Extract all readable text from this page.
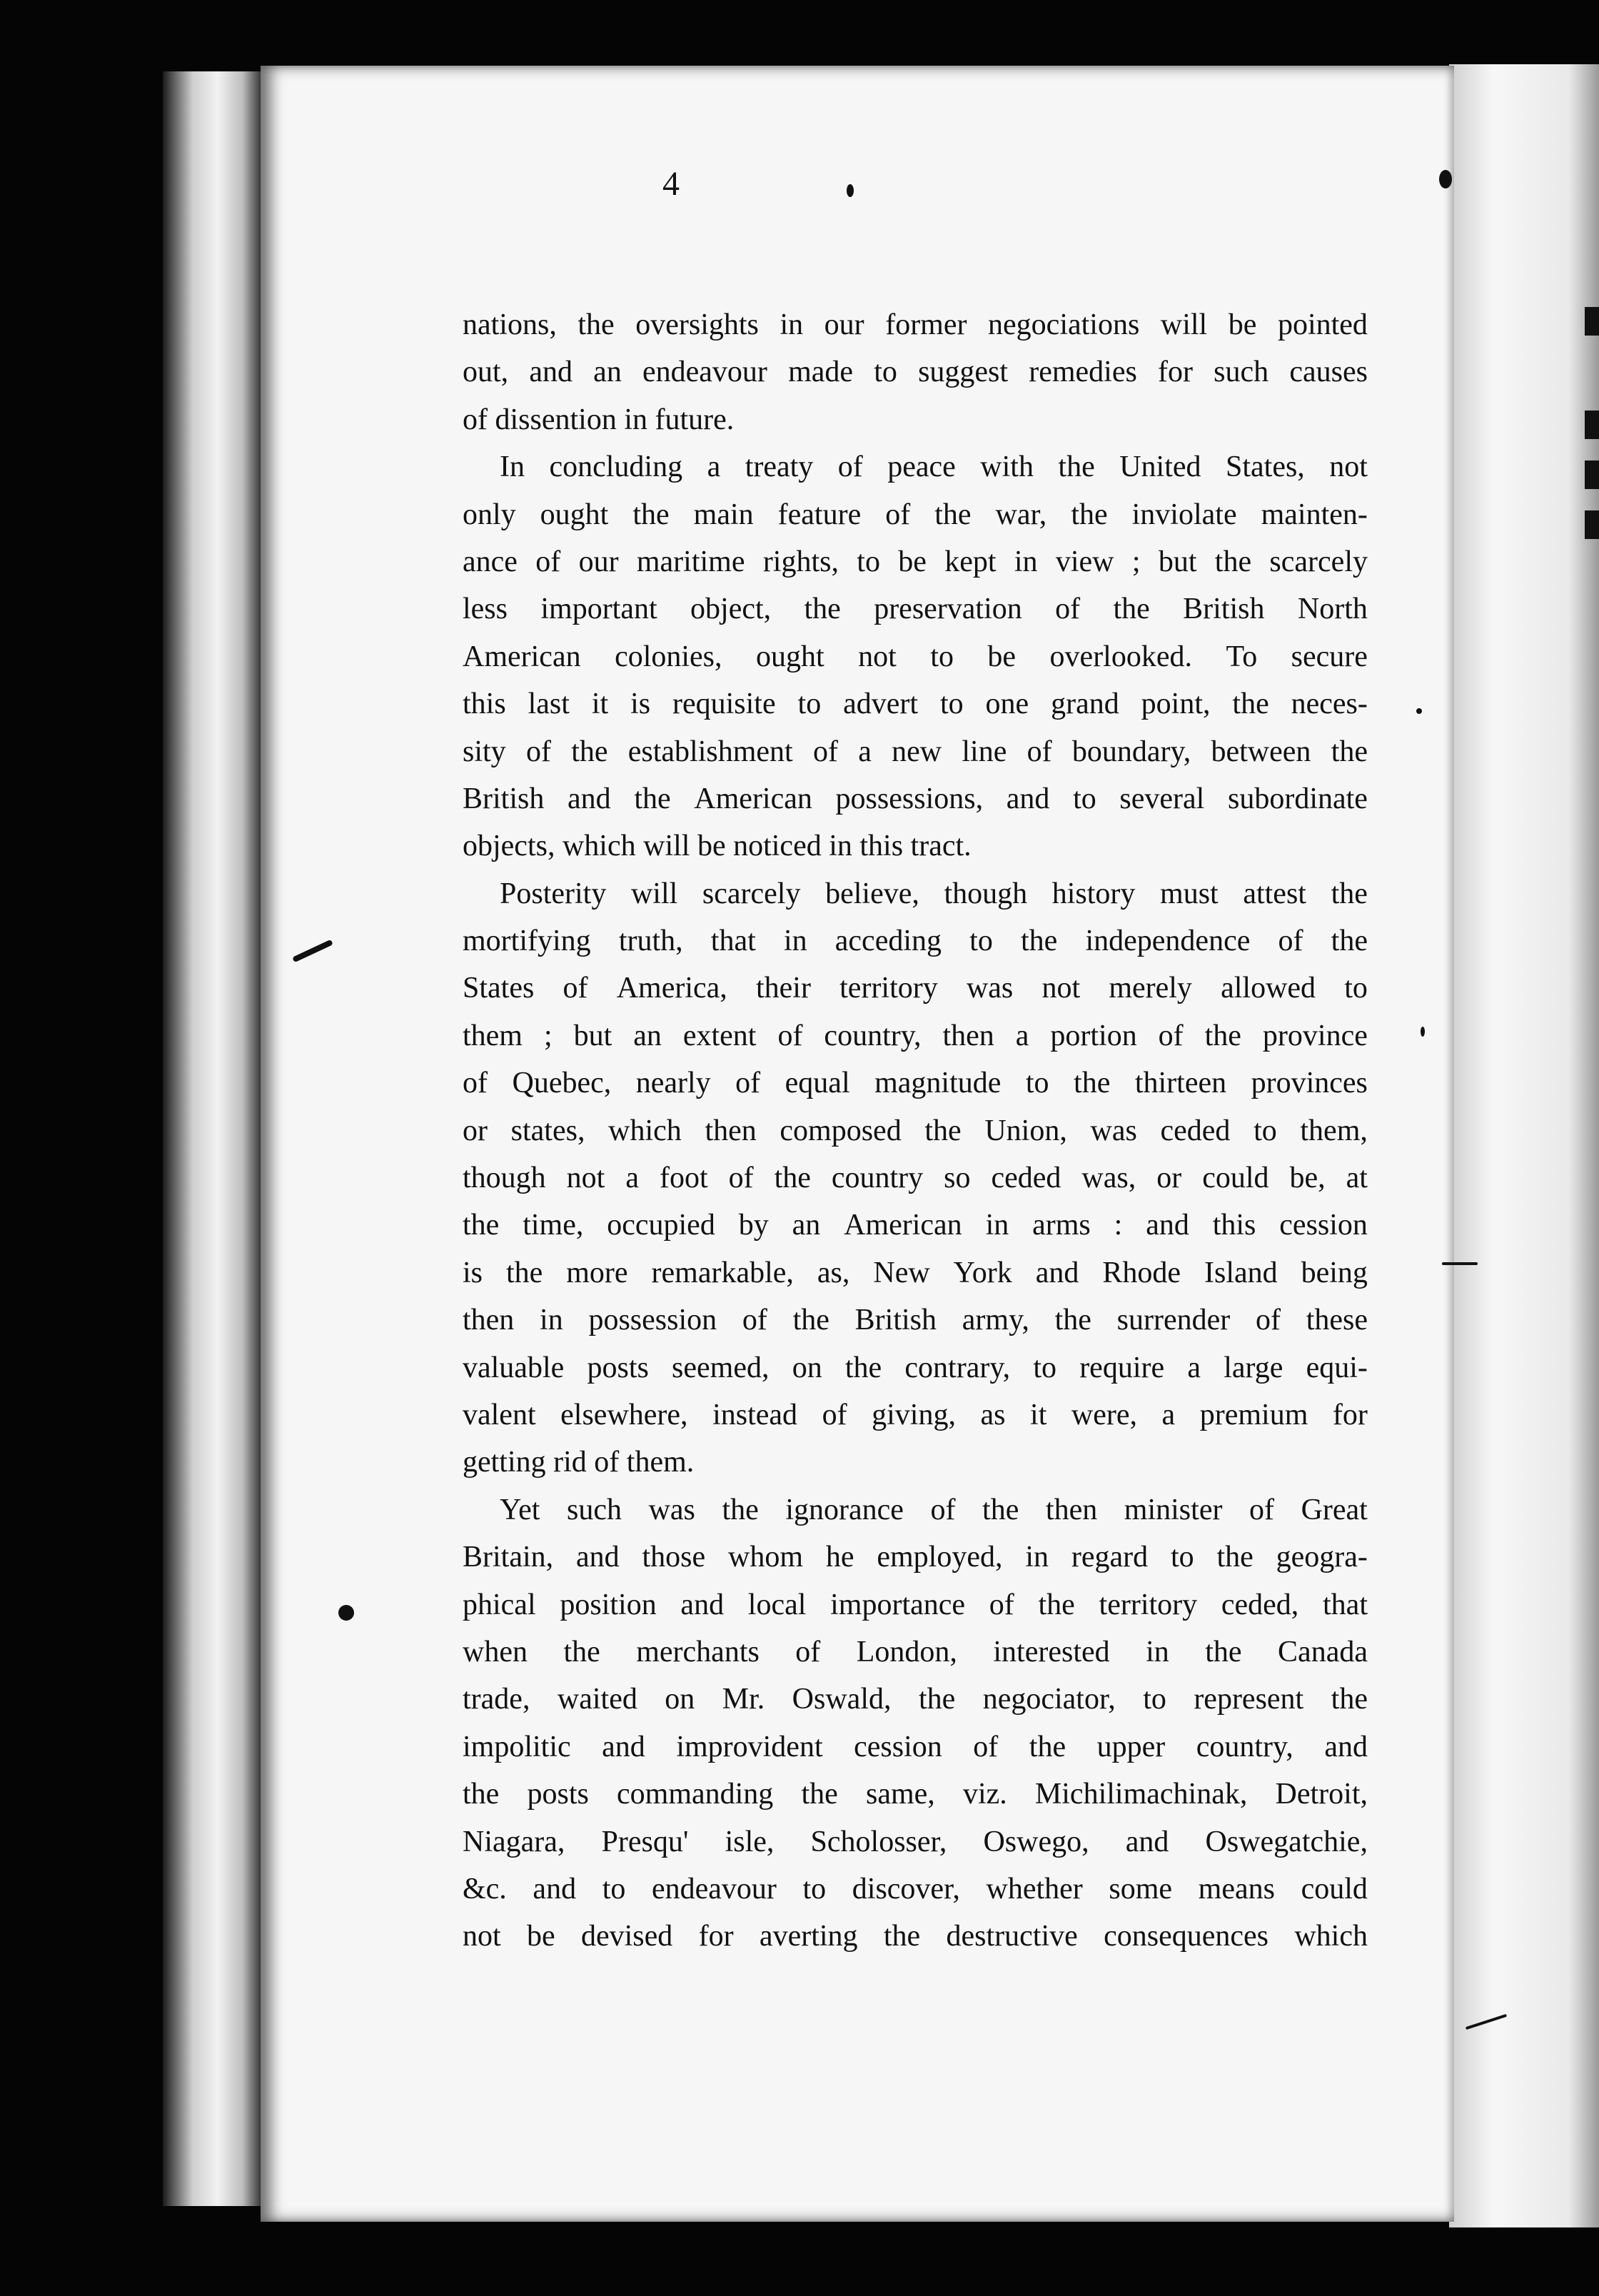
4
nations, the oversights in our former negociations will be pointed
out, and an endeavour made to suggest remedies for such causes
of dissention in future.
In concluding a treaty of peace with the United States, not
only ought the main feature of the war, the inviolate mainten-
ance of our maritime rights, to be kept in view ; but the scarcely
less important object, the preservation of the British North
American colonies, ought not to be overlooked. To secure
this last it is requisite to advert to one grand point, the neces-
sity of the establishment of a new line of boundary, between the
British and the American possessions, and to several subordinate
objects, which will be noticed in this tract.
Posterity will scarcely believe, though history must attest the
mortifying truth, that in acceding to the independence of the
States of America, their territory was not merely allowed to
them ; but an extent of country, then a portion of the province
of Quebec, nearly of equal magnitude to the thirteen provinces
or states, which then composed the Union, was ceded to them,
though not a foot of the country so ceded was, or could be, at
the time, occupied by an American in arms : and this cession
is the more remarkable, as, New York and Rhode Island being
then in possession of the British army, the surrender of these
valuable posts seemed, on the contrary, to require a large equi-
valent elsewhere, instead of giving, as it were, a premium for
getting rid of them.
Yet such was the ignorance of the then minister of Great
Britain, and those whom he employed, in regard to the geogra-
phical position and local importance of the territory ceded, that
when the merchants of London, interested in the Canada
trade, waited on Mr. Oswald, the negociator, to represent the
impolitic and improvident cession of the upper country, and
the posts commanding the same, viz. Michilimachinak, Detroit,
Niagara, Presqu' isle, Scholosser, Oswego, and Oswegatchie,
&c. and to endeavour to discover, whether some means could
not be devised for averting the destructive consequences which
